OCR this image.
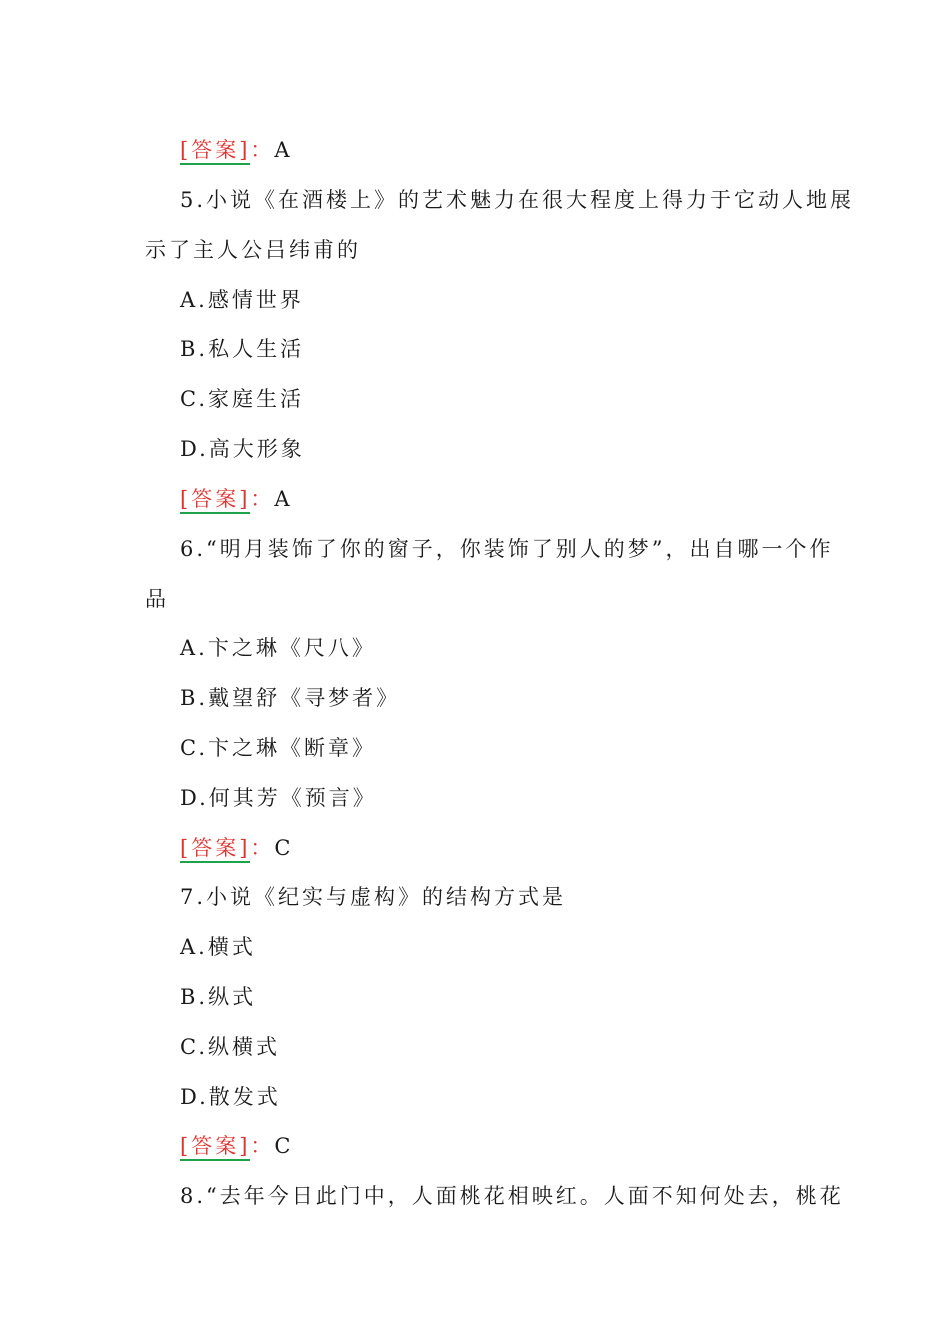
[答案]：A
5.小说《在酒楼上》的艺术魅力在很大程度上得力于它动人地展
示了主人公吕纬甫的
A.感情世界
B.私人生活
C.家庭生活
D.高大形象
[答案]：A
6.“明月装饰了你的窗子，你装饰了别人的梦”，出自哪一个作
品
A.卞之琳《尺八》
B.戴望舒《寻梦者》
C.卞之琳《断章》
D.何其芳《预言》
[答案]：C
7.小说《纪实与虚构》的结构方式是
A.横式
B.纵式
C.纵横式
D.散发式
[答案]：C
8.“去年今日此门中，人面桃花相映红。人面不知何处去，桃花
